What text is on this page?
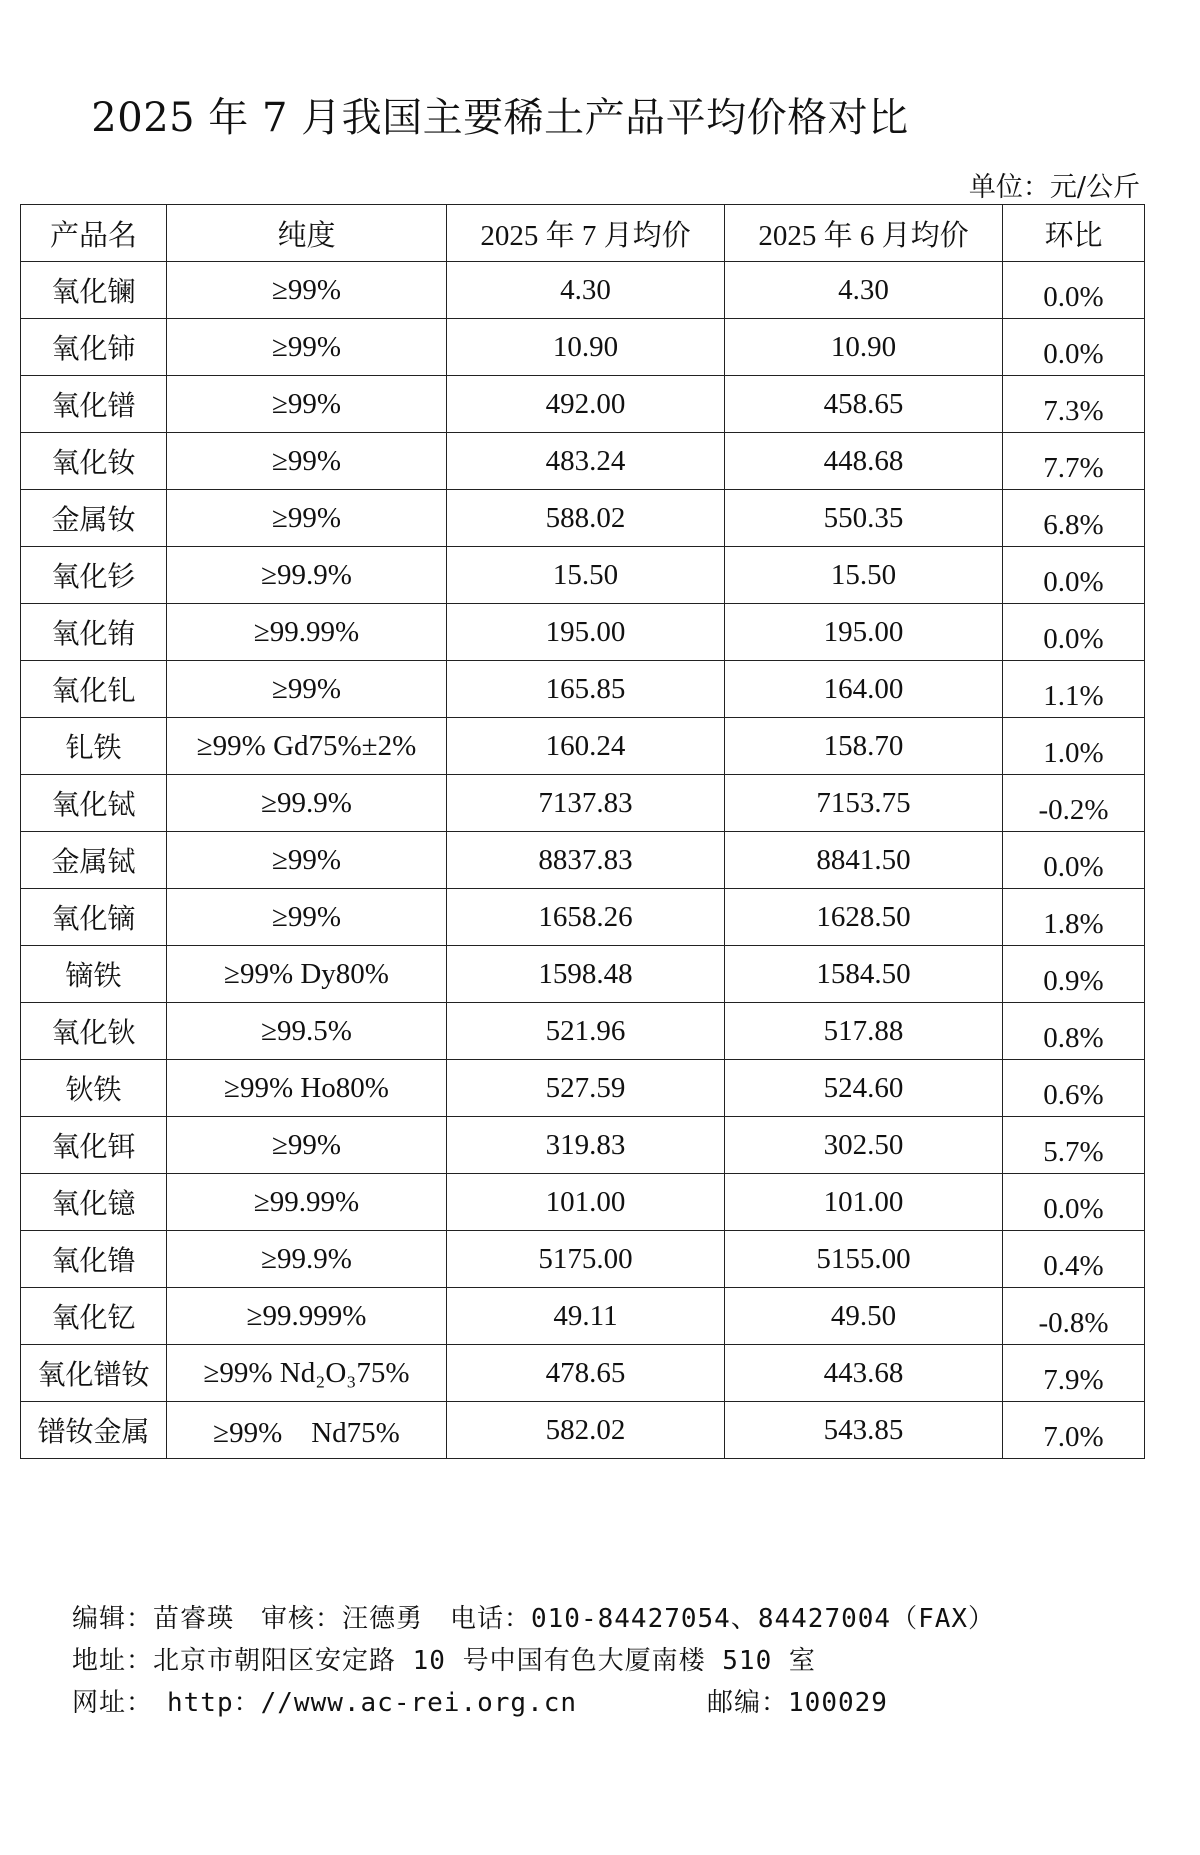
2025 年 7 月我国主要稀土产品平均价格对比
单位：元/公斤
产品名	纯度	2025 年 7 月均价	2025 年 6 月均价	环比
氧化镧	≥99%	4.30	4.30	0.0%
氧化铈	≥99%	10.90	10.90	0.0%
氧化镨	≥99%	492.00	458.65	7.3%
氧化钕	≥99%	483.24	448.68	7.7%
金属钕	≥99%	588.02	550.35	6.8%
氧化钐	≥99.9%	15.50	15.50	0.0%
氧化铕	≥99.99%	195.00	195.00	0.0%
氧化钆	≥99%	165.85	164.00	1.1%
钆铁	≥99% Gd75%±2%	160.24	158.70	1.0%
氧化铽	≥99.9%	7137.83	7153.75	-0.2%
金属铽	≥99%	8837.83	8841.50	0.0%
氧化镝	≥99%	1658.26	1628.50	1.8%
镝铁	≥99% Dy80%	1598.48	1584.50	0.9%
氧化钬	≥99.5%	521.96	517.88	0.8%
钬铁	≥99% Ho80%	527.59	524.60	0.6%
氧化铒	≥99%	319.83	302.50	5.7%
氧化镱	≥99.99%	101.00	101.00	0.0%
氧化镥	≥99.9%	5175.00	5155.00	0.4%
氧化钇	≥99.999%	49.11	49.50	-0.8%
氧化镨钕	≥99% Nd₂O₃75%	478.65	443.68	7.9%
镨钕金属	≥99%　Nd75%	582.02	543.85	7.0%
编辑：苗睿瑛　审核：汪德勇　电话：010-84427054、84427004（FAX）
地址：北京市朝阳区安定路 10 号中国有色大厦南楼 510 室
网址：　http：//www.ac-rei.org.cn	邮编：100029
